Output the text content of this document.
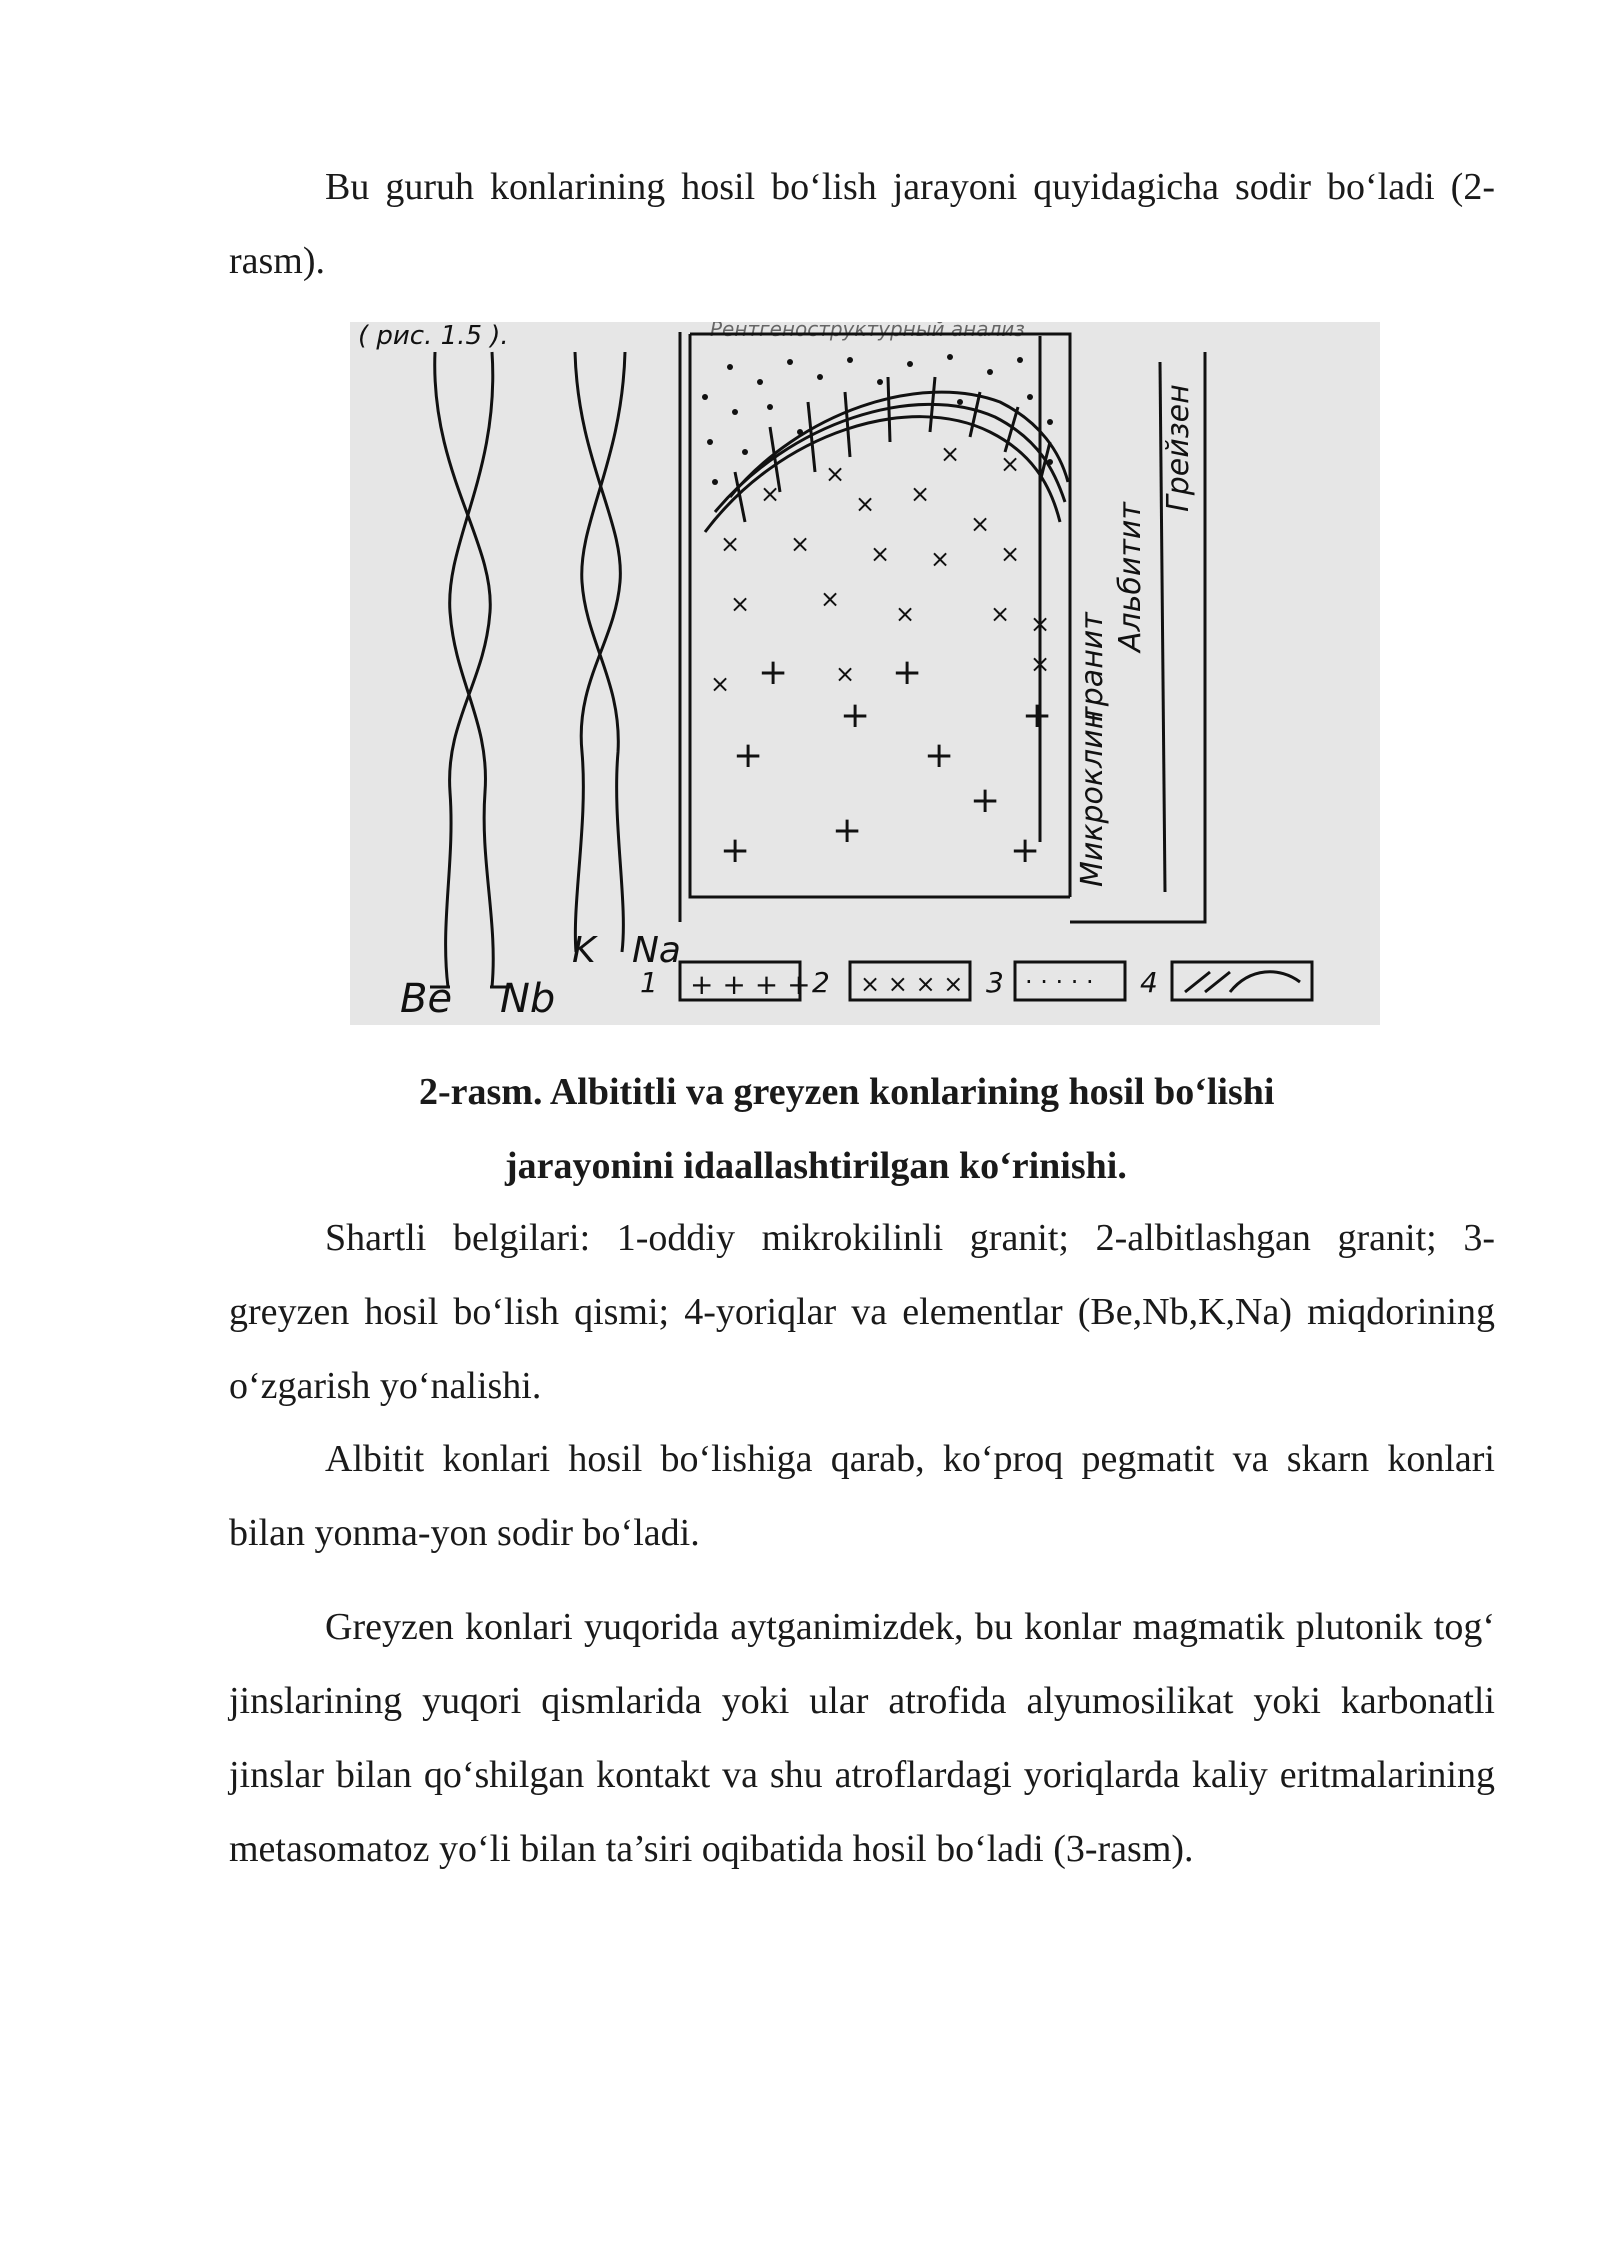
Bu guruh konlarining hosil bo‘lish jarayoni quyidagicha sodir bo‘ladi (2- rasm).

( рис. 1.5 ).	Рентгеноструктурный анализ
Be Nb
K Na
×
×
×
× ×
×
× × × ×
×	×
×	× ×
×
×
×
×
×
+	+
+	+
+	+
+
+
+	+ Микроклин
гранит
Альбитит
Грейзен
1 + + + + 2 × × × × 3 · · · · · 4

2-rasm. Albititli va greyzen konlarining hosil bo‘lishi

jarayonini idaallashtirilgan ko‘rinishi.

Shartli belgilari: 1-oddiy mikrokilinli granit; 2-albitlashgan granit; 3-greyzen hosil bo‘lish qismi; 4-yoriqlar va elementlar (Be,Nb,K,Na) miqdorining o‘zgarish yo‘nalishi.

Albitit konlari hosil bo‘lishiga qarab, ko‘proq pegmatit va skarn konlari bilan yonma-yon sodir bo‘ladi.

Greyzen konlari yuqorida aytganimizdek, bu konlar magmatik plutonik tog‘ jinslarining yuqori qismlarida yoki ular atrofida alyumosilikat yoki karbonatli jinslar bilan qo‘shilgan kontakt va shu atroflardagi yoriqlarda kaliy eritmalarining metasomatoz yo‘li bilan ta’siri oqibatida hosil bo‘ladi (3-rasm).
